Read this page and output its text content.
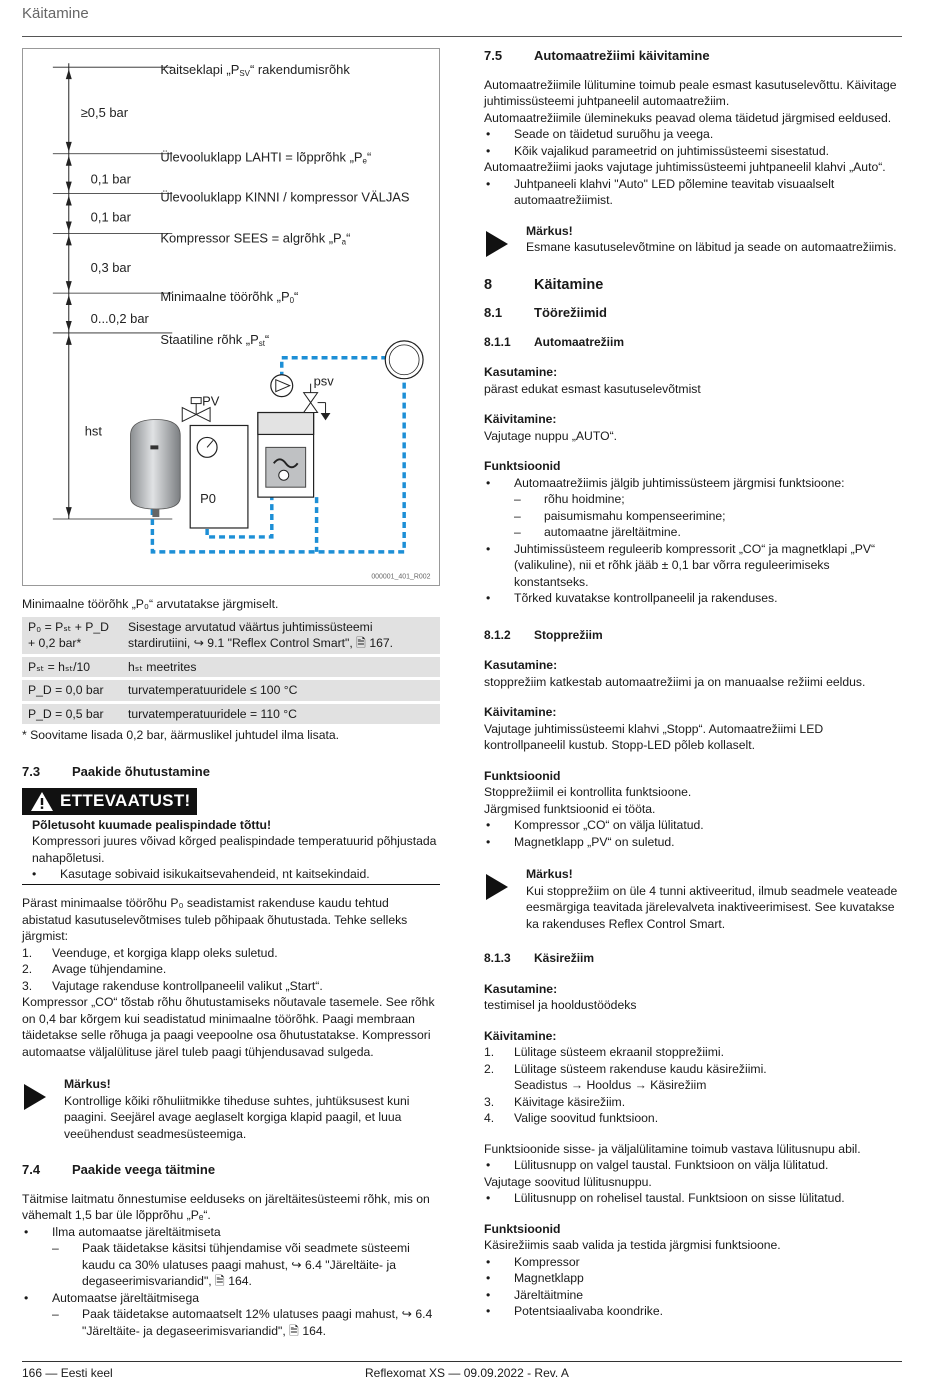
Käitamine
Kaitseklapi „PSV“ rakendumisrõhk
≥0,5 bar
Ülevooluklapp LAHTI = lõpprõhk „Pe“
0,1 bar
Ülevooluklapp KINNI / kompressor VÄLJAS
0,1 bar
Kompressor SEES = algrõhk „Pa“
0,3 bar
Minimaalne töörõhk „P0“
0...0,2 bar
Staatiline rõhk „Pst“
hst
P0
PV
psv
000001_401_R002

Minimaalne töörõhk „P₀“ arvutatakse järgmiselt.

P₀ = Pₛₜ + P_D + 0,2 bar*	Sisestage arvutatud väärtus juhtimissüsteemi stardirutiini, ↪ 9.1 "Reflex Control Smart", 🗎 167.
Pₛₜ = hₛₜ/10	hₛₜ meetrites
P_D = 0,0 bar	turvatemperatuuridele ≤ 100 °C
P_D = 0,5 bar	turvatemperatuuridele = 110 °C

* Soovitame lisada 0,2 bar, äärmuslikel juhtudel ilma lisata.

7.3	Paakide õhutustamine
ETTEVAATUST!

Põletusoht kuumade pealispindade tõttu!

Kompressori juures võivad kõrged pealispindade temperatuurid põhjustada nahapõletusi.

• Kasutage sobivaid isikukaitsevahendeid, nt kaitsekindaid.

Pärast minimaalse töörõhu P₀ seadistamist rakenduse kaudu tehtud abistatud kasutuselevõtmises tuleb põhipaak õhutustada. Tehke selleks järgmist:

1.	Veenduge, et korgiga klapp oleks suletud.
2.	Avage tühjendamine.
3.	Vajutage rakenduse kontrollpaneelil valikut „Start“.

Kompressor „CO“ tõstab rõhu õhutustamiseks nõutavale tasemele. See rõhk on 0,4 bar kõrgem kui seadistatud minimaalne töörõhk. Paagi membraan täidetakse selle rõhuga ja paagi veepoolne osa õhutustatakse. Kompressori automaatse väljalülituse järel tuleb paagi tühjendusavad sulgeda.

Märkus!

Kontrollige kõiki rõhuliitmikke tiheduse suhtes, juhtüksusest kuni paagini. Seejärel avage aeglaselt korgiga klapid paagil, et luua veeühendust seadmesüsteemiga.

7.4	Paakide veega täitmine

Täitmise laitmatu õnnestumise eelduseks on järeltäitesüsteemi rõhk, mis on vähemalt 1,5 bar üle lõpprõhu „Pₑ“.

• Ilma automaatse järeltäitmiseta
– Paak täidetakse käsitsi tühjendamise või seadmete süsteemi kaudu ca 30% ulatuses paagi mahust, ↪ 6.4 "Järeltäite- ja degaseerimisvariandid", 🗎 164.
• Automaatse järeltäitmisega
– Paak täidetakse automaatselt 12% ulatuses paagi mahust, ↪ 6.4 "Järeltäite- ja degaseerimisvariandid", 🗎 164.
7.5	Automaatrežiimi käivitamine

Automaatrežiimile lülitumine toimub peale esmast kasutuselevõttu. Käivitage juhtimissüsteemi juhtpaneelil automaatrežiim.

Automaatrežiimile üleminekuks peavad olema täidetud järgmised eeldused.

• Seade on täidetud suruõhu ja veega.
• Kõik vajalikud parameetrid on juhtimissüsteemi sisestatud.

Automaatrežiimi jaoks vajutage juhtimissüsteemi juhtpaneelil klahvi „Auto“.

• Juhtpaneeli klahvi "Auto" LED põlemine teavitab visuaalselt automaatrežiimist.

Märkus!

Esmane kasutuselevõtmine on läbitud ja seade on automaatrežiimis.

8	Käitamine
8.1	Töörežiimid
8.1.1	Automaatrežiim

Kasutamine:

pärast edukat esmast kasutuselevõtmist

Käivitamine:

Vajutage nuppu „AUTO“.

Funktsioonid

• Automaatrežiimis jälgib juhtimissüsteem järgmisi funktsioone:
– rõhu hoidmine;
– paisumismahu kompenseerimine;
– automaatne järeltäitmine.
• Juhtimissüsteem reguleerib kompressorit „CO“ ja magnetklapi „PV“ (valikuline), nii et rõhk jääb ± 0,1 bar võrra reguleerimiseks konstantseks.
• Tõrked kuvatakse kontrollpaneelil ja rakenduses.
8.1.2	Stopprežiim

Kasutamine:

stopprežiim katkestab automaatrežiimi ja on manuaalse režiimi eeldus.

Käivitamine:

Vajutage juhtimissüsteemi klahvi „Stopp“. Automaatrežiimi LED kontrollpaneelil kustub. Stopp-LED põleb kollaselt.

Funktsioonid

Stopprežiimil ei kontrollita funktsioone.

Järgmised funktsioonid ei tööta.

• Kompressor „CO“ on välja lülitatud.
• Magnetklapp „PV“ on suletud.

Märkus!

Kui stopprežiim on üle 4 tunni aktiveeritud, ilmub seadmele veateade eesmärgiga teavitada järelevalveta inaktiveerimisest. See kuvatakse ka rakenduses Reflex Control Smart.

8.1.3	Käsirežiim

Kasutamine:

testimisel ja hooldustöödeks

Käivitamine:

1.	Lülitage süsteem ekraanil stopprežiimi.
2.	Lülitage süsteem rakenduse kaudu käsirežiimi.
Seadistus → Hooldus → Käsirežiim
3.	Käivitage käsirežiim.
4.	Valige soovitud funktsioon.

Funktsioonide sisse- ja väljalülitamine toimub vastava lülitusnupu abil.

• Lülitusnupp on valgel taustal. Funktsioon on välja lülitatud.

Vajutage soovitud lülitusnuppu.

• Lülitusnupp on rohelisel taustal. Funktsioon on sisse lülitatud.

Funktsioonid

Käsirežiimis saab valida ja testida järgmisi funktsioone.

• Kompressor
• Magnetklapp
• Järeltäitmine
• Potentsiaalivaba koondrike.
166 — Eesti keel	Reflexomat XS — 09.09.2022 - Rev. A
